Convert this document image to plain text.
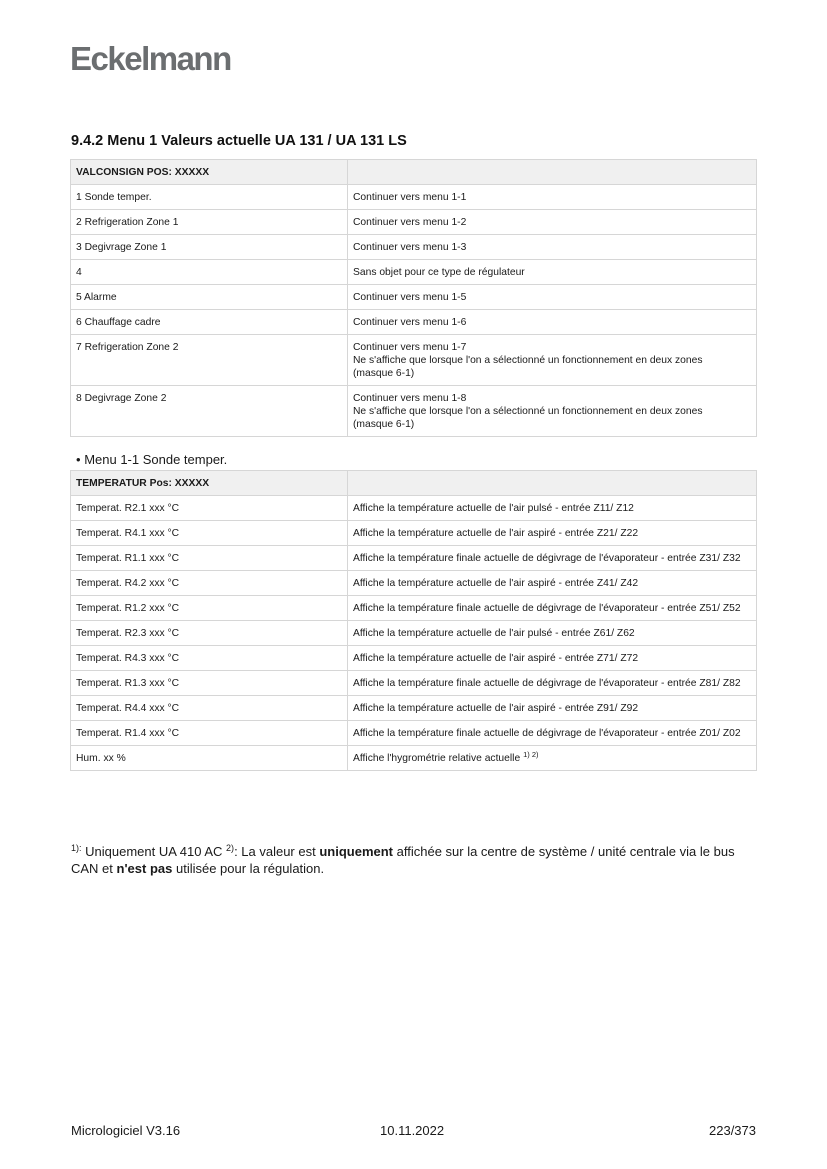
Eckelmann
9.4.2 Menu 1 Valeurs actuelle UA 131 / UA 131 LS
VALCONSIGN POS: XXXXX	
1 Sonde temper.	Continuer vers menu 1-1

2 Refrigeration Zone 1	Continuer vers menu 1-2

3 Degivrage Zone 1	Continuer vers menu 1-3

4	Sans objet pour ce type de régulateur

5 Alarme	Continuer vers menu 1-5

6 Chauffage cadre	Continuer vers menu 1-6

7 Refrigeration Zone 2	Continuer vers menu 1-7
Ne s'affiche que lorsque l'on a sélectionné un fonctionnement en deux zones
(masque 6-1)

8 Degivrage Zone 2	Continuer vers menu 1-8
Ne s'affiche que lorsque l'on a sélectionné un fonctionnement en deux zones
(masque 6-1)
• Menu 1-1 Sonde temper.
TEMPERATUR Pos: XXXXX	
Temperat. R2.1 xxx °C	Affiche la température actuelle de l'air pulsé - entrée Z11/ Z12
Temperat. R4.1 xxx °C	Affiche la température actuelle de l'air aspiré - entrée Z21/ Z22
Temperat. R1.1 xxx °C	Affiche la température finale actuelle de dégivrage de l'évaporateur - entrée Z31/ Z32
Temperat. R4.2 xxx °C	Affiche la température actuelle de l'air aspiré - entrée Z41/ Z42
Temperat. R1.2 xxx °C	Affiche la température finale actuelle de dégivrage de l'évaporateur - entrée Z51/ Z52
Temperat. R2.3 xxx °C	Affiche la température actuelle de l'air pulsé - entrée Z61/ Z62
Temperat. R4.3 xxx °C	Affiche la température actuelle de l'air aspiré - entrée Z71/ Z72
Temperat. R1.3 xxx °C	Affiche la température finale actuelle de dégivrage de l'évaporateur - entrée Z81/ Z82
Temperat. R4.4 xxx °C	Affiche la température actuelle de l'air aspiré - entrée Z91/ Z92
Temperat. R1.4 xxx °C	Affiche la température finale actuelle de dégivrage de l'évaporateur - entrée Z01/ Z02
Hum. xx %	Affiche l'hygrométrie relative actuelle $^{1) 2)}$
$^{1):}$ Uniquement UA 410 AC $^{2)}$: La valeur est uniquement affichée sur la centre de système / unité centrale via le bus CAN et n'est pas utilisée pour la régulation.
Micrologiciel V3.16	10.11.2022	223/373
